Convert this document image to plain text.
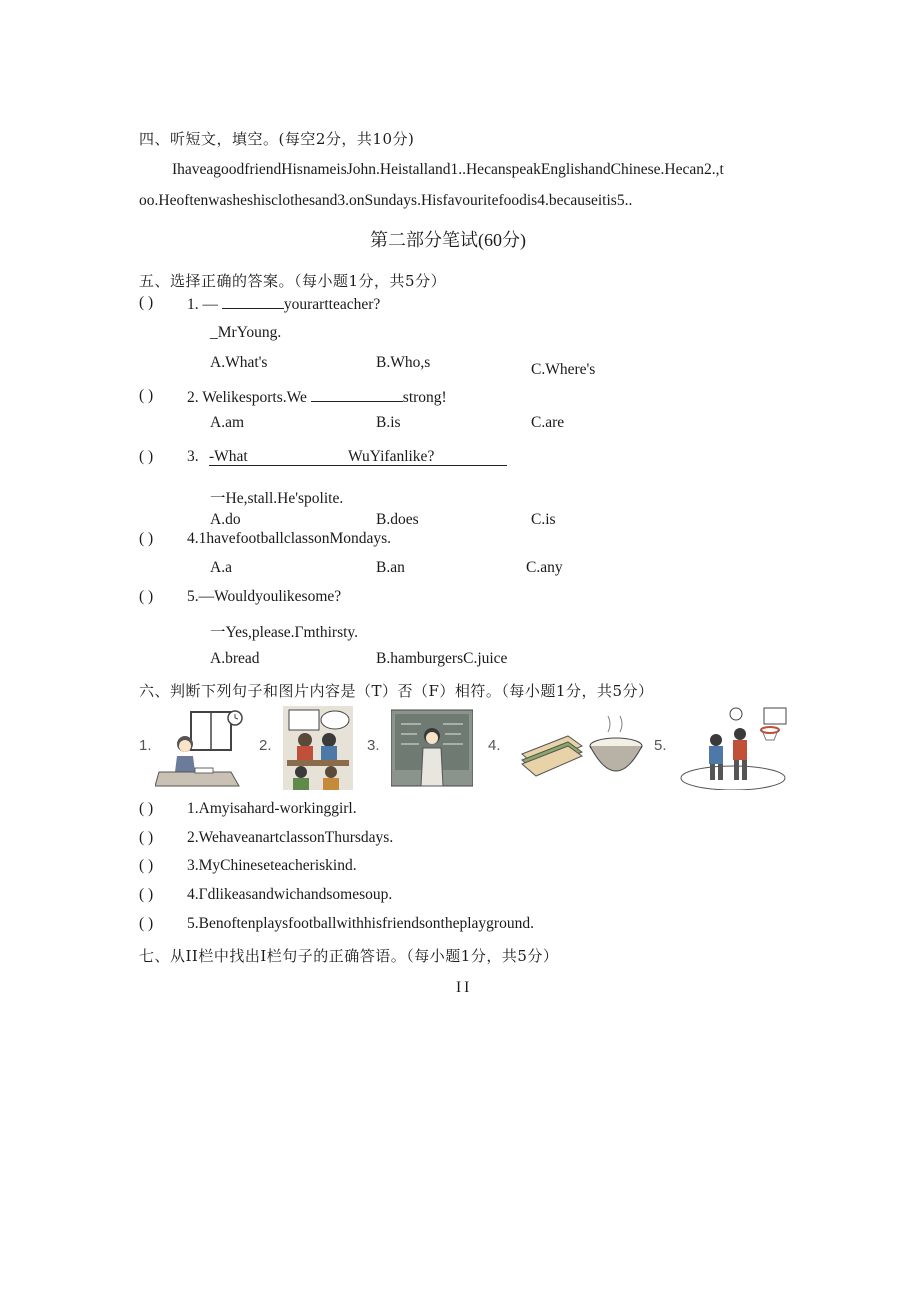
四、听短文，填空。(每空2分，共10分)
IhaveagoodfriendHisnameisJohn.Heistalland1..HecanspeakEnglishandChinese.Hecan2.,t
oo.Heoftenwasheshisclothesand3.onSundays.Hisfavouritefoodis4.becauseitis5..
第二部分笔试(60分)
五、选择正确的答案。（每小题1分，共5分）
( ) 1. —	yourartteacher?
_MrYoung.
A.What's	B.Who,s	C.Where's
( ) 2. Welikesports.We	strong!
A.am	B.is	C.are
( ) 3. -What	WuYifanlike?
一He,stall.He'spolite.
A.do	B.does	C.is
( ) 4.1havefootballclassonMondays.
A.a	B.an	C.any
( ) 5.—Wouldyoulikesome?
一Yes,please.Γmthirsty.
A.bread	B.hamburgersC.juice
六、判断下列句子和图片内容是（T）否（F）相符。（每小题1分，共5分）
1.	2.	3.	4.	5.
( ) 1.Amyisahard-workinggirl.
( ) 2.WehaveanartclassonThursdays.
( ) 3.MyChineseteacheriskind.
( ) 4.Γdlikeasandwichandsomesoup.
( ) 5.Benoftenplaysfootballwithhisfriendsontheplayground.
七、从II栏中找出I栏句子的正确答语。（每小题1分，共5分）
II
